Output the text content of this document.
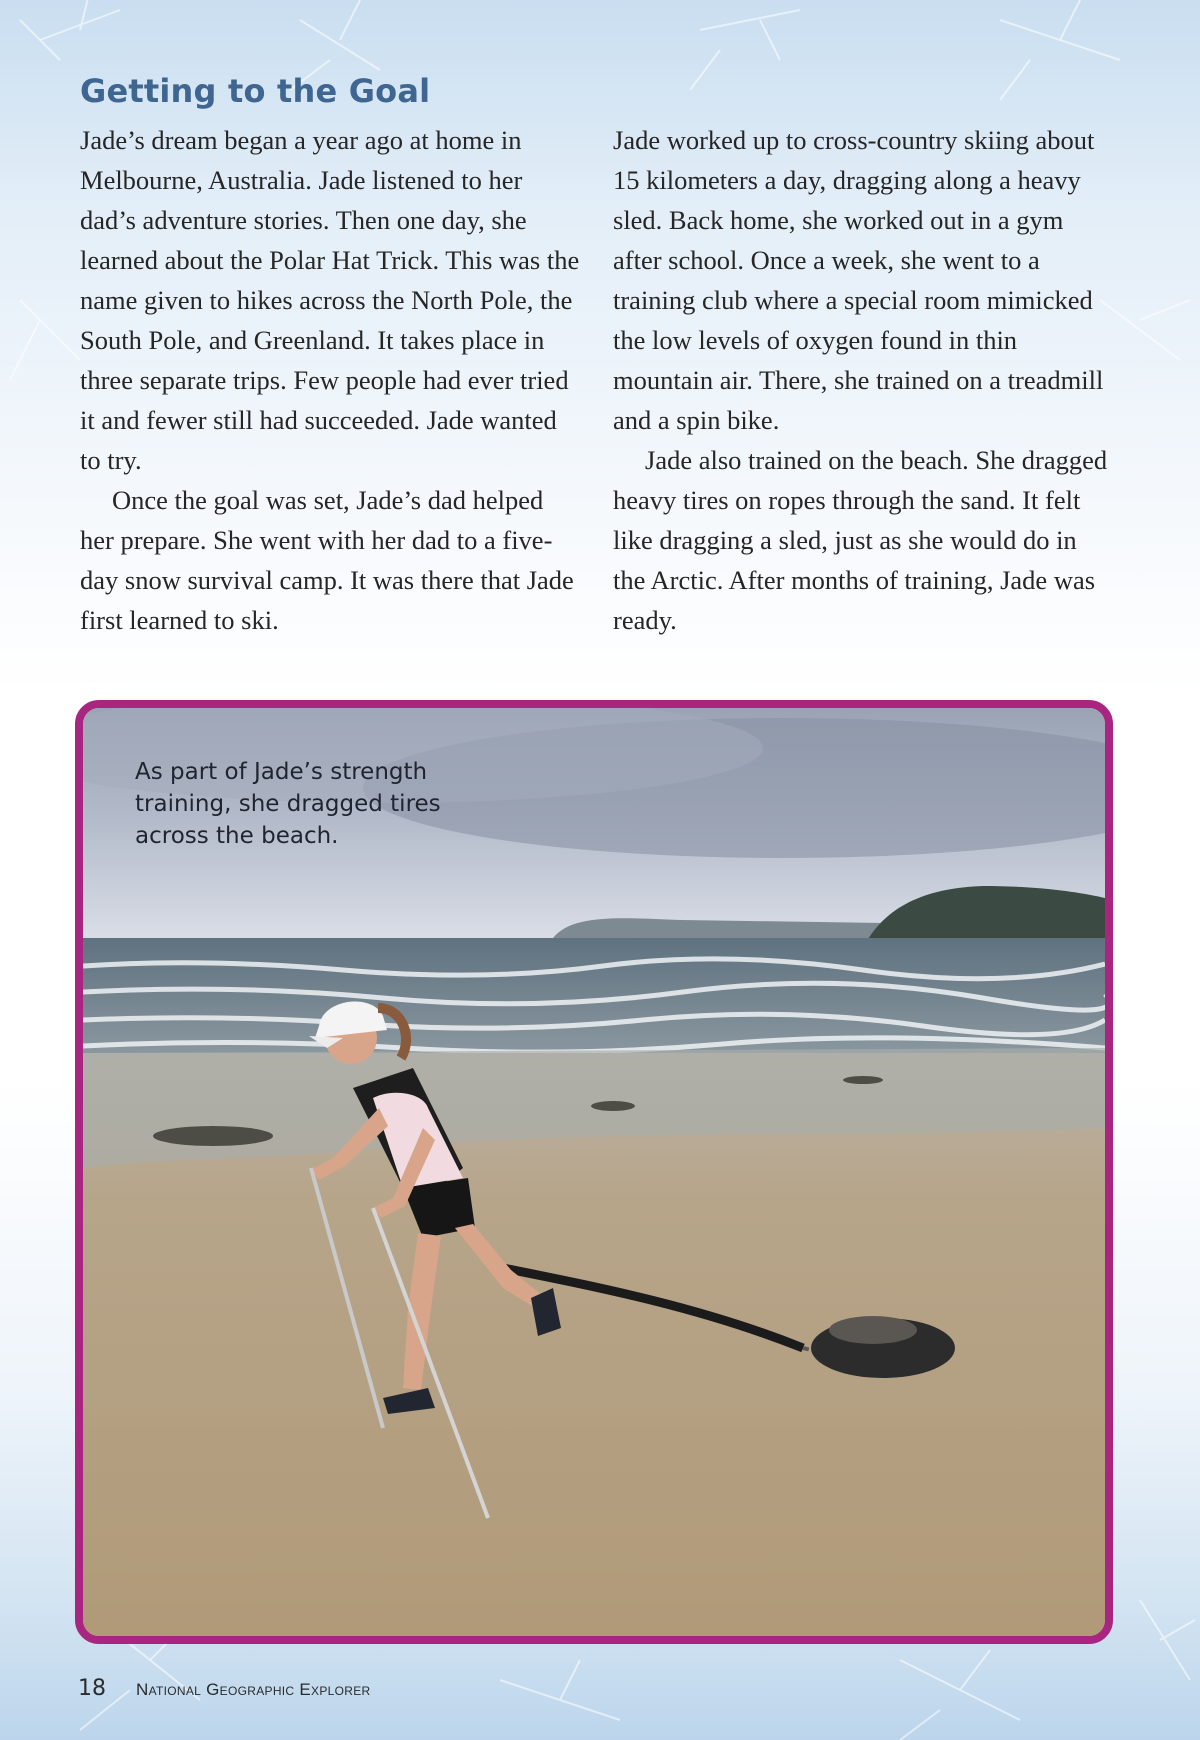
Getting to the Goal

Jade’s dream began a year ago at home in Melbourne, Australia. Jade listened to her dad’s adventure stories. Then one day, she learned about the Polar Hat Trick. This was the name given to hikes across the North Pole, the South Pole, and Greenland. It takes place in three separate trips. Few people had ever tried it and fewer still had succeeded. Jade wanted to try.

Once the goal was set, Jade’s dad helped her prepare. She went with her dad to a five-day snow survival camp. It was there that Jade first learned to ski.

Jade worked up to cross-country skiing about 15 kilometers a day, dragging along a heavy sled. Back home, she worked out in a gym after school. Once a week, she went to a training club where a special room mimicked the low levels of oxygen found in thin mountain air. There, she trained on a treadmill and a spin bike.

Jade also trained on the beach. She dragged heavy tires on ropes through the sand. It felt like dragging a sled, just as she would do in the Arctic. After months of training, Jade was ready.

As part of Jade’s strength training, she dragged tires across the beach.

18 National Geographic Explorer
